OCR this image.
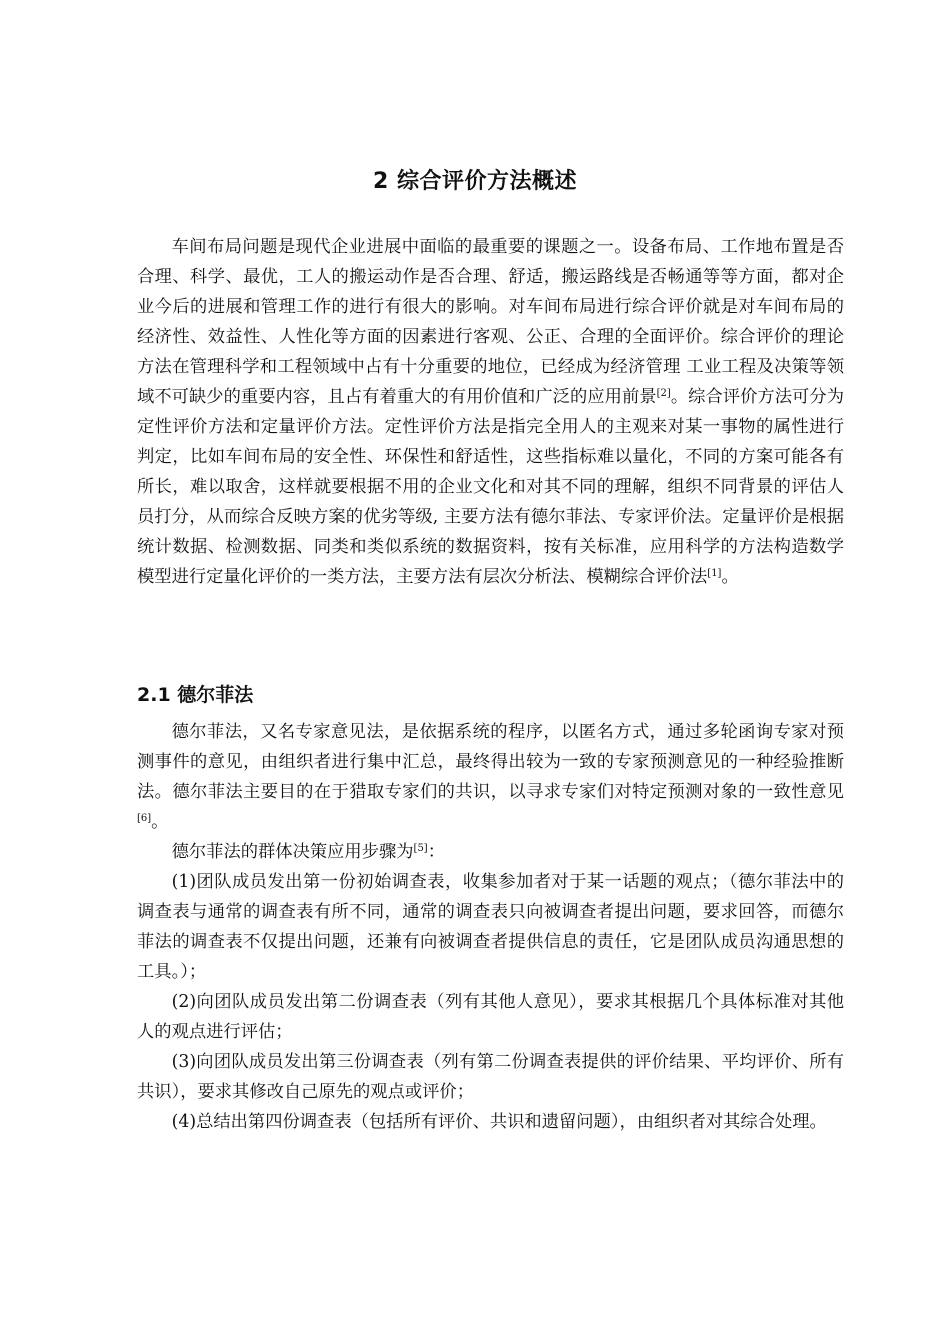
2 综合评价方法概述

车间布局问题是现代企业进展中面临的最重要的课题之一。设备布局、工作地布置是否合理、科学、最优，工人的搬运动作是否合理、舒适，搬运路线是否畅通等等方面，都对企业今后的进展和管理工作的进行有很大的影响。对车间布局进行综合评价就是对车间布局的经济性、效益性、人性化等方面的因素进行客观、公正、合理的全面评价。综合评价的理论方法在管理科学和工程领域中占有十分重要的地位，已经成为经济管理 工业工程及决策等领域不可缺少的重要内容，且占有着重大的有用价值和广泛的应用前景[2]。综合评价方法可分为定性评价方法和定量评价方法。定性评价方法是指完全用人的主观来对某一事物的属性进行判定，比如车间布局的安全性、环保性和舒适性，这些指标难以量化，不同的方案可能各有所长，难以取舍，这样就要根据不用的企业文化和对其不同的理解，组织不同背景的评估人员打分，从而综合反映方案的优劣等级, 主要方法有德尔菲法、专家评价法。定量评价是根据统计数据、检测数据、同类和类似系统的数据资料，按有关标准，应用科学的方法构造数学模型进行定量化评价的一类方法，主要方法有层次分析法、模糊综合评价法[1]。

2.1 德尔菲法

德尔菲法，又名专家意见法，是依据系统的程序，以匿名方式，通过多轮函询专家对预测事件的意见，由组织者进行集中汇总，最终得出较为一致的专家预测意见的一种经验推断法。德尔菲法主要目的在于猎取专家们的共识，以寻求专家们对特定预测对象的一致性意见[6]。

德尔菲法的群体决策应用步骤为[5]：

(1)团队成员发出第一份初始调查表，收集参加者对于某一话题的观点；（德尔菲法中的调查表与通常的调查表有所不同，通常的调查表只向被调查者提出问题，要求回答，而德尔菲法的调查表不仅提出问题，还兼有向被调查者提供信息的责任，它是团队成员沟通思想的工具。）；

(2)向团队成员发出第二份调查表（列有其他人意见），要求其根据几个具体标准对其他人的观点进行评估；

(3)向团队成员发出第三份调查表（列有第二份调查表提供的评价结果、平均评价、所有共识），要求其修改自己原先的观点或评价；

(4)总结出第四份调查表（包括所有评价、共识和遗留问题），由组织者对其综合处理。
